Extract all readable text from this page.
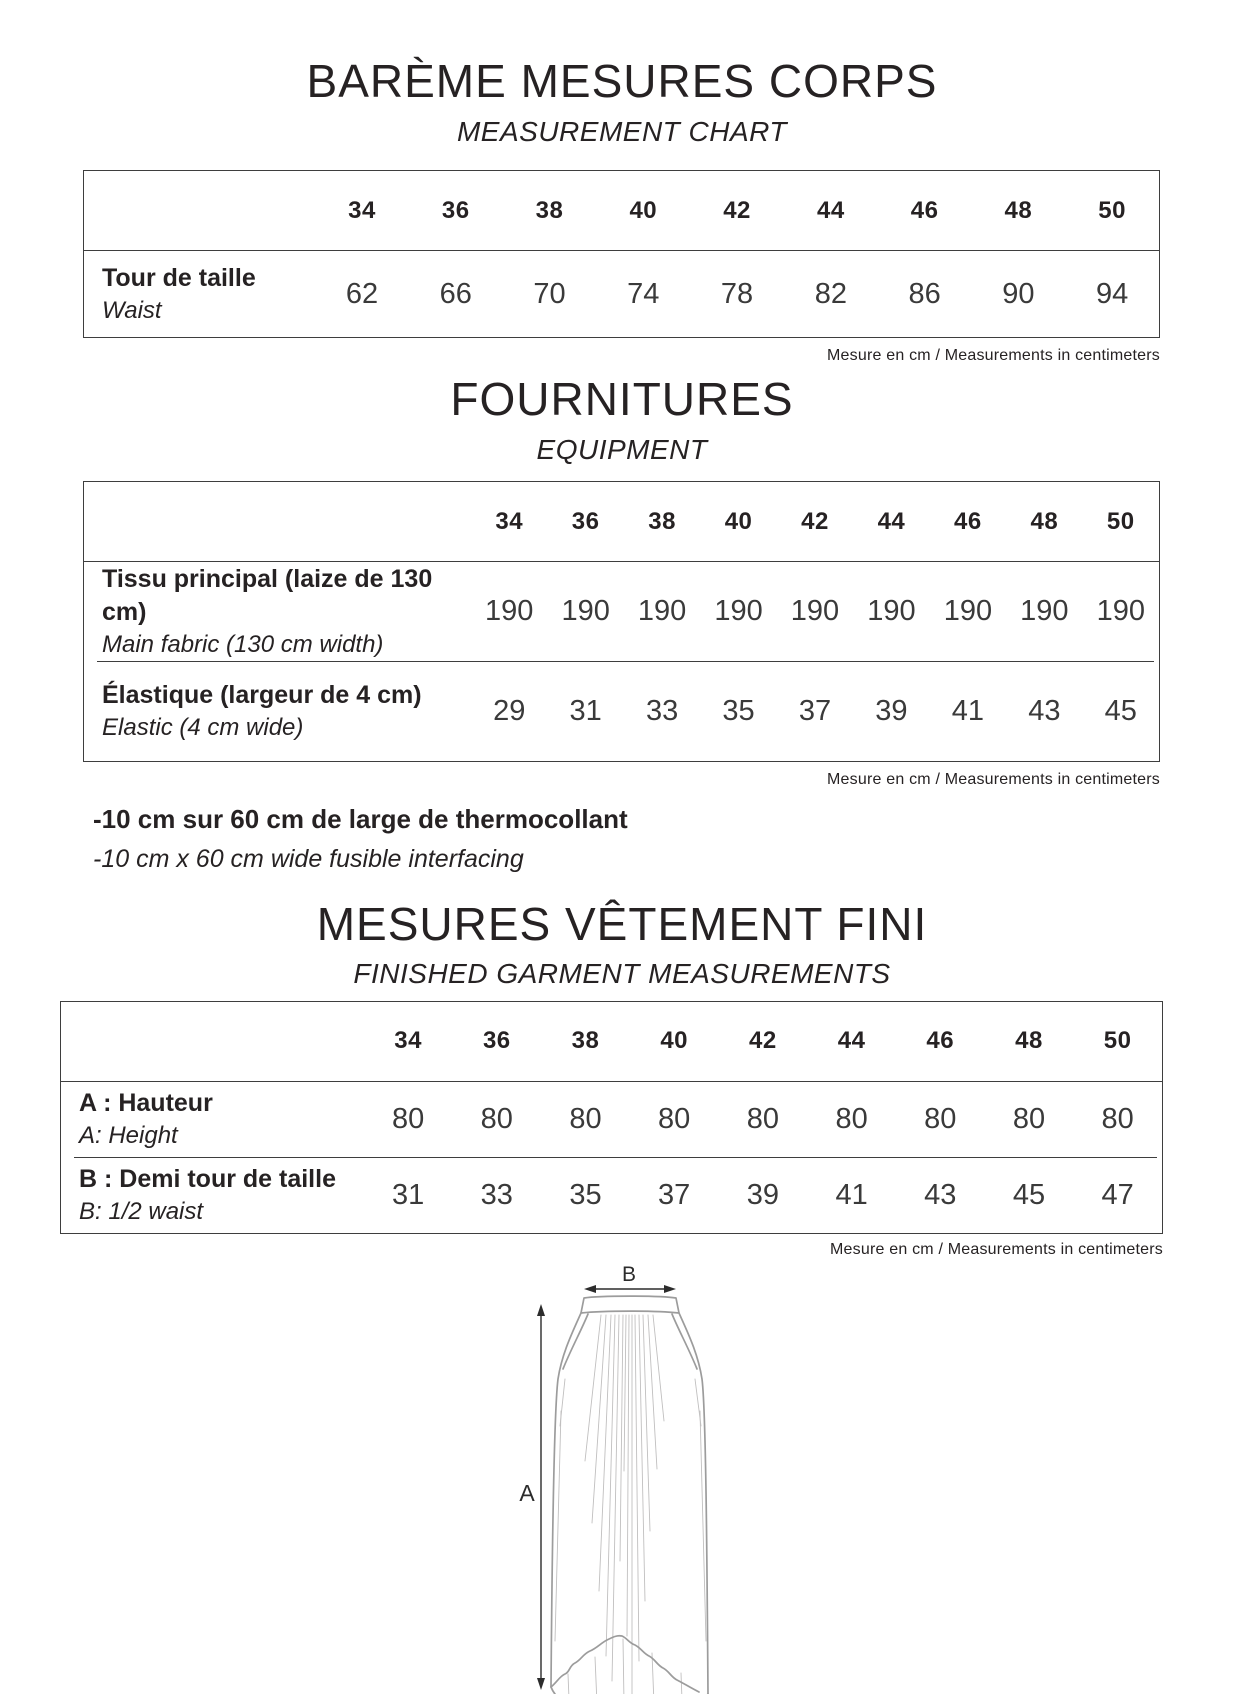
BARÈME MESURES CORPS
MEASUREMENT CHART
34	36	38	40	42	44	46	48	50
Tour de taille
Waist
62	66	70	74	78	82	86	90	94
Mesure en cm / Measurements in centimeters
FOURNITURES
EQUIPMENT
34	36	38	40	42	44	46	48	50
Tissu principal (laize de 130 cm)
Main fabric (130 cm width)
190 190 190 190 190 190 190 190 190
Élastique (largeur de 4 cm)
Elastic (4 cm wide)
29	31	33	35	37	39	41	43	45
Mesure en cm / Measurements in centimeters
-10 cm sur 60 cm de large de thermocollant
-10 cm x 60 cm wide fusible interfacing
MESURES VÊTEMENT FINI
FINISHED GARMENT MEASUREMENTS
34	36	38	40	42	44	46	48	50
A : Hauteur
A: Height
80	80	80	80	80	80	80	80	80
B : Demi tour de taille
B: 1/2 waist
31	33	35	37	39	41	43	45	47
Mesure en cm / Measurements in centimeters
B
A
